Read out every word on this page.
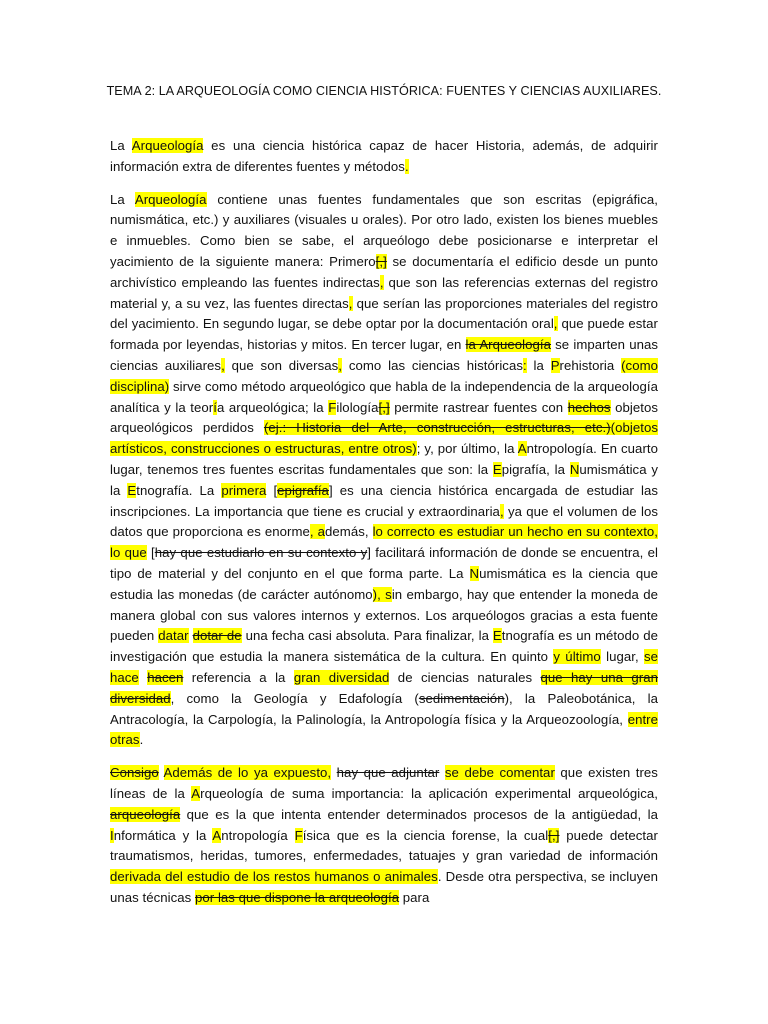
TEMA 2: LA ARQUEOLOGÍA COMO CIENCIA HISTÓRICA: FUENTES Y CIENCIAS AUXILIARES.

La Arqueología es una ciencia histórica capaz de hacer Historia, además, de adquirir información extra de diferentes fuentes y métodos.

La Arqueología contiene unas fuentes fundamentales que son escritas (epigráfica, numismática, etc.) y auxiliares (visuales u orales). Por otro lado, existen los bienes muebles e inmuebles. Como bien se sabe, el arqueólogo debe posicionarse e interpretar el yacimiento de la siguiente manera: Primero[,] se documentaría el edificio desde un punto archivístico empleando las fuentes indirectas, que son las referencias externas del registro material y, a su vez, las fuentes directas, que serían las proporciones materiales del registro del yacimiento. En segundo lugar, se debe optar por la documentación oral, que puede estar formada por leyendas, historias y mitos. En tercer lugar, en la Arqueología se imparten unas ciencias auxiliares, que son diversas, como las ciencias históricas: la Prehistoria (como disciplina) sirve como método arqueológico que habla de la independencia de la arqueología analítica y la teoría arqueológica; la Filología[,] permite rastrear fuentes con hechos objetos arqueológicos perdidos (ej.: Historia del Arte, construcción, estructuras, etc.)(objetos artísticos, construcciones o estructuras, entre otros); y, por último, la Antropología. En cuarto lugar, tenemos tres fuentes escritas fundamentales que son: la Epigrafía, la Numismática y la Etnografía. La primera [epigrafía] es una ciencia histórica encargada de estudiar las inscripciones. La importancia que tiene es crucial y extraordinaria, ya que el volumen de los datos que proporciona es enorme, además, lo correcto es estudiar un hecho en su contexto, lo que [hay que estudiarlo en su contexto y] facilitará información de donde se encuentra, el tipo de material y del conjunto en el que forma parte. La Numismática es la ciencia que estudia las monedas (de carácter autónomo), sin embargo, hay que entender la moneda de manera global con sus valores internos y externos. Los arqueólogos gracias a esta fuente pueden datar dotar de una fecha casi absoluta. Para finalizar, la Etnografía es un método de investigación que estudia la manera sistemática de la cultura. En quinto y último lugar, se hace hacen referencia a la gran diversidad de ciencias naturales que hay una gran diversidad, como la Geología y Edafología (sedimentación), la Paleobotánica, la Antracología, la Carpología, la Palinología, la Antropología física y la Arqueozoología, entre otras.

Consigo Además de lo ya expuesto, hay que adjuntar se debe comentar que existen tres líneas de la Arqueología de suma importancia: la aplicación experimental arqueológica, arqueología que es la que intenta entender determinados procesos de la antigüedad, la Informática y la Antropología Física que es la ciencia forense, la cual[,] puede detectar traumatismos, heridas, tumores, enfermedades, tatuajes y gran variedad de información derivada del estudio de los restos humanos o animales. Desde otra perspectiva, se incluyen unas técnicas por las que dispone la arqueología para
